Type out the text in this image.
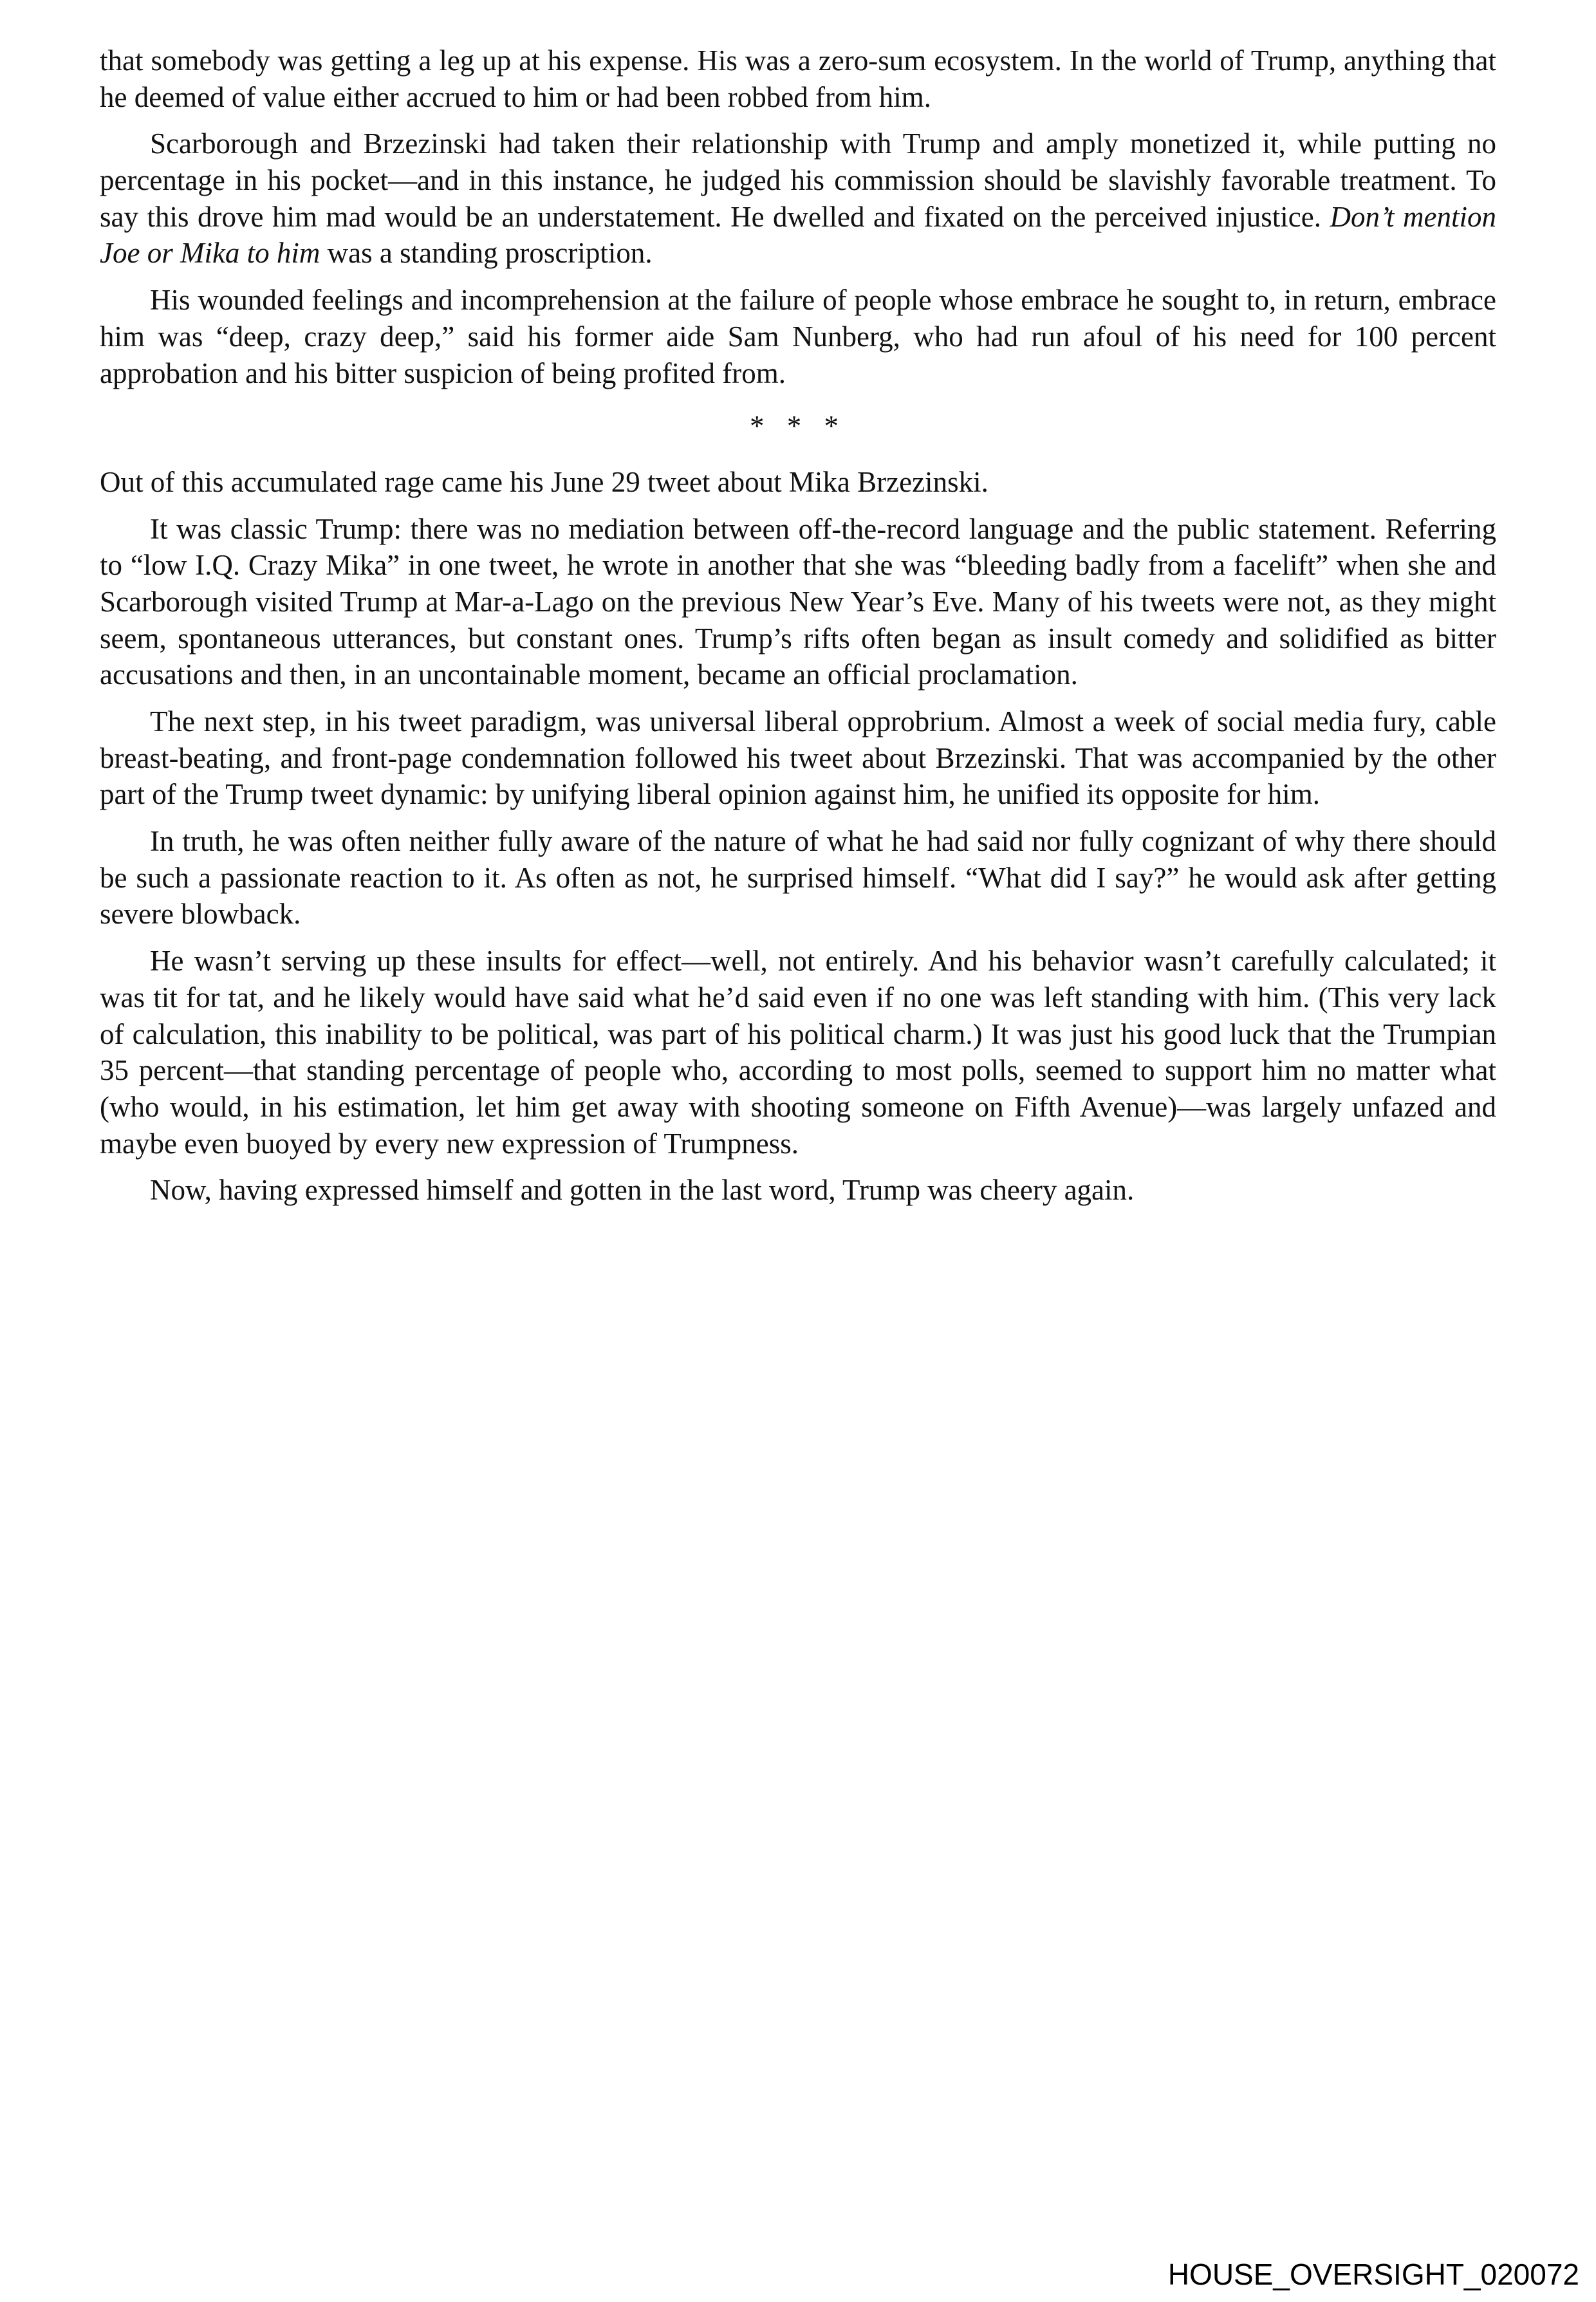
that somebody was getting a leg up at his expense. His was a zero-sum ecosystem. In the world of Trump, anything that he deemed of value either accrued to him or had been robbed from him.

Scarborough and Brzezinski had taken their relationship with Trump and amply monetized it, while putting no percentage in his pocket—and in this instance, he judged his commission should be slavishly favorable treatment. To say this drove him mad would be an understatement. He dwelled and fixated on the perceived injustice. Don’t mention Joe or Mika to him was a standing proscription.

His wounded feelings and incomprehension at the failure of people whose embrace he sought to, in return, embrace him was “deep, crazy deep,” said his former aide Sam Nunberg, who had run afoul of his need for 100 percent approbation and his bitter suspicion of being profited from.

* * *

Out of this accumulated rage came his June 29 tweet about Mika Brzezinski.

It was classic Trump: there was no mediation between off-the-record language and the public statement. Referring to “low I.Q. Crazy Mika” in one tweet, he wrote in another that she was “bleeding badly from a facelift” when she and Scarborough visited Trump at Mar-a-Lago on the previous New Year’s Eve. Many of his tweets were not, as they might seem, spontaneous utterances, but constant ones. Trump’s rifts often began as insult comedy and solidified as bitter accusations and then, in an uncontainable moment, became an official proclamation.

The next step, in his tweet paradigm, was universal liberal opprobrium. Almost a week of social media fury, cable breast-beating, and front-page condemnation followed his tweet about Brzezinski. That was accompanied by the other part of the Trump tweet dynamic: by unifying liberal opinion against him, he unified its opposite for him.

In truth, he was often neither fully aware of the nature of what he had said nor fully cognizant of why there should be such a passionate reaction to it. As often as not, he surprised himself. “What did I say?” he would ask after getting severe blowback.

He wasn’t serving up these insults for effect—well, not entirely. And his behavior wasn’t carefully calculated; it was tit for tat, and he likely would have said what he’d said even if no one was left standing with him. (This very lack of calculation, this inability to be political, was part of his political charm.) It was just his good luck that the Trumpian 35 percent—that standing percentage of people who, according to most polls, seemed to support him no matter what (who would, in his estimation, let him get away with shooting someone on Fifth Avenue)—was largely unfazed and maybe even buoyed by every new expression of Trumpness.

Now, having expressed himself and gotten in the last word, Trump was cheery again.

HOUSE_OVERSIGHT_020072
